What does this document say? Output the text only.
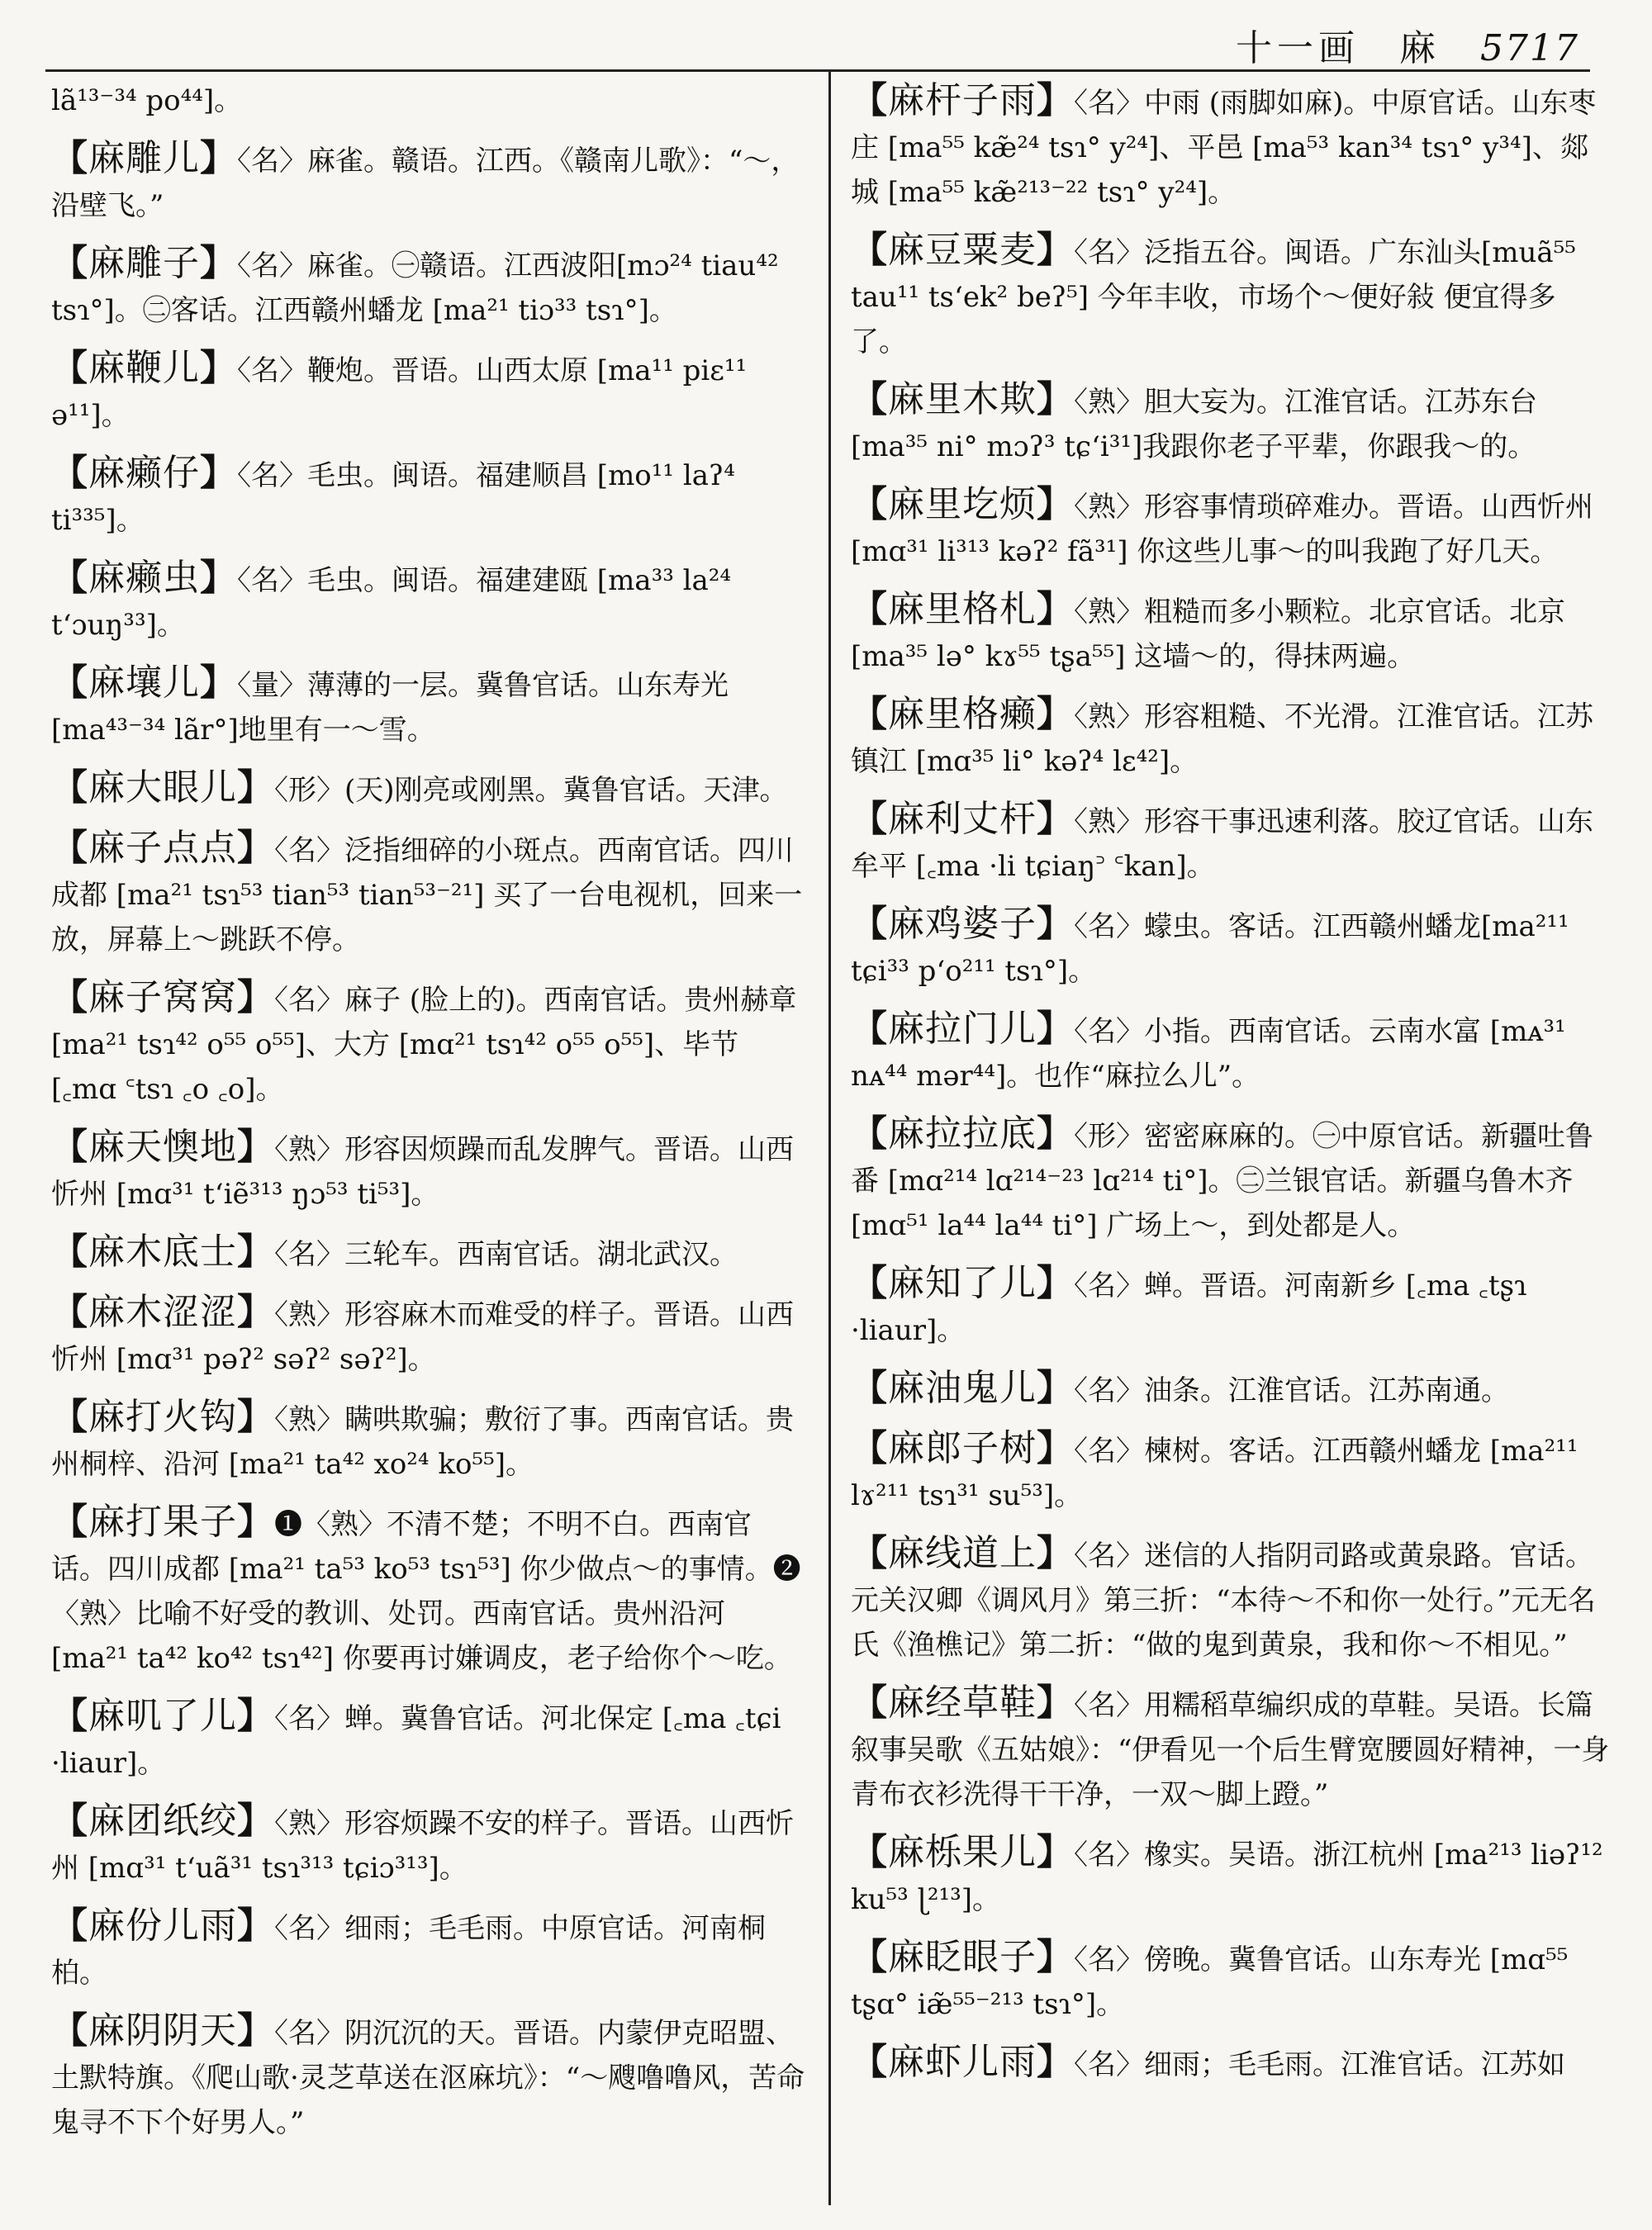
十一画 麻 5717

lã¹³⁻³⁴ po⁴⁴]。

【麻雕儿】〈名〉麻雀。赣语。江西。《赣南儿歌》：“～，沿壁飞。”

【麻雕子】〈名〉麻雀。㊀赣语。江西波阳[mɔ²⁴ tiau⁴² tsɿ°]。㊁客话。江西赣州蟠龙 [ma²¹ tiɔ³³ tsɿ°]。

【麻鞭儿】〈名〉鞭炮。晋语。山西太原 [ma¹¹ piɛ¹¹ ə¹¹]。

【麻癞仔】〈名〉毛虫。闽语。福建顺昌 [mo¹¹ laʔ⁴ ti³³⁵]。

【麻癞虫】〈名〉毛虫。闽语。福建建瓯 [ma³³ la²⁴ t‘ɔuŋ³³]。

【麻壤儿】〈量〉薄薄的一层。冀鲁官话。山东寿光 [ma⁴³⁻³⁴ lãr°]地里有一～雪。

【麻大眼儿】〈形〉(天)刚亮或刚黑。冀鲁官话。天津。

【麻子点点】〈名〉泛指细碎的小斑点。西南官话。四川成都 [ma²¹ tsɿ⁵³ tian⁵³ tian⁵³⁻²¹] 买了一台电视机，回来一放，屏幕上～跳跃不停。

【麻子窝窝】〈名〉麻子 (脸上的)。西南官话。贵州赫章 [ma²¹ tsɿ⁴² o⁵⁵ o⁵⁵]、大方 [mɑ²¹ tsɿ⁴² o⁵⁵ o⁵⁵]、毕节 [꜀mɑ ꜂tsɿ ꜀o ꜀o]。

【麻天懊地】〈熟〉形容因烦躁而乱发脾气。晋语。山西忻州 [mɑ³¹ t‘iẽ³¹³ ŋɔ⁵³ ti⁵³]。

【麻木底士】〈名〉三轮车。西南官话。湖北武汉。

【麻木涩涩】〈熟〉形容麻木而难受的样子。晋语。山西忻州 [mɑ³¹ pəʔ² səʔ² səʔ²]。

【麻打火钩】〈熟〉瞒哄欺骗；敷衍了事。西南官话。贵州桐梓、沿河 [ma²¹ ta⁴² xo²⁴ ko⁵⁵]。

【麻打果子】❶〈熟〉不清不楚；不明不白。西南官话。四川成都 [ma²¹ ta⁵³ ko⁵³ tsɿ⁵³] 你少做点～的事情。❷〈熟〉比喻不好受的教训、处罚。西南官话。贵州沿河 [ma²¹ ta⁴² ko⁴² tsɿ⁴²] 你要再讨嫌调皮，老子给你个～吃。

【麻叽了儿】〈名〉蝉。冀鲁官话。河北保定 [꜀ma ꜀tɕi ·liaur]。

【麻团纸绞】〈熟〉形容烦躁不安的样子。晋语。山西忻州 [mɑ³¹ t‘uã³¹ tsɿ³¹³ tɕiɔ³¹³]。

【麻份儿雨】〈名〉细雨；毛毛雨。中原官话。河南桐柏。

【麻阴阴天】〈名〉阴沉沉的天。晋语。内蒙伊克昭盟、土默特旗。《爬山歌·灵芝草送在沤麻坑》：“～飕噜噜风，苦命鬼寻不下个好男人。”

【麻杆子雨】〈名〉中雨 (雨脚如麻)。中原官话。山东枣庄 [ma⁵⁵ kæ̃²⁴ tsɿ° y²⁴]、平邑 [ma⁵³ kan³⁴ tsɿ° y³⁴]、郯城 [ma⁵⁵ kæ̃²¹³⁻²² tsɿ° y²⁴]。

【麻豆粟麦】〈名〉泛指五谷。闽语。广东汕头[muã⁵⁵ tau¹¹ ts‘ek² beʔ⁵] 今年丰收，市场个～便好敍 便宜得多了。

【麻里木欺】〈熟〉胆大妄为。江淮官话。江苏东台 [ma³⁵ ni° mɔʔ³ tɕ‘i³¹]我跟你老子平辈，你跟我～的。

【麻里圪烦】〈熟〉形容事情琐碎难办。晋语。山西忻州 [mɑ³¹ li³¹³ kəʔ² fã³¹] 你这些儿事～的叫我跑了好几天。

【麻里格札】〈熟〉粗糙而多小颗粒。北京官话。北京 [ma³⁵ lə° kɤ⁵⁵ tʂa⁵⁵] 这墙～的，得抹两遍。

【麻里格癞】〈熟〉形容粗糙、不光滑。江淮官话。江苏镇江 [mɑ³⁵ li° kəʔ⁴ lɛ⁴²]。

【麻利丈杆】〈熟〉形容干事迅速利落。胶辽官话。山东牟平 [꜀ma ·li tɕiaŋ꜄ ꜂kan]。

【麻鸡婆子】〈名〉蠓虫。客话。江西赣州蟠龙[ma²¹¹ tɕi³³ p‘o²¹¹ tsɿ°]。

【麻拉门儿】〈名〉小指。西南官话。云南水富 [mᴀ³¹ nᴀ⁴⁴ mər⁴⁴]。也作“麻拉么儿”。

【麻拉拉底】〈形〉密密麻麻的。㊀中原官话。新疆吐鲁番 [mɑ²¹⁴ lɑ²¹⁴⁻²³ lɑ²¹⁴ ti°]。㊁兰银官话。新疆乌鲁木齐 [mɑ⁵¹ la⁴⁴ la⁴⁴ ti°] 广场上～，到处都是人。

【麻知了儿】〈名〉蝉。晋语。河南新乡 [꜀ma ꜀tʂɿ ·liaur]。

【麻油鬼儿】〈名〉油条。江淮官话。江苏南通。

【麻郎子树】〈名〉楝树。客话。江西赣州蟠龙 [ma²¹¹ lɤ²¹¹ tsɿ³¹ su⁵³]。

【麻线道上】〈名〉迷信的人指阴司路或黄泉路。官话。元关汉卿《调风月》第三折：“本待～不和你一处行。”元无名氏《渔樵记》第二折：“做的鬼到黄泉，我和你～不相见。”

【麻经草鞋】〈名〉用糯稻草编织成的草鞋。吴语。长篇叙事吴歌《五姑娘》：“伊看见一个后生臂宽腰圆好精神，一身青布衣衫洗得干干净，一双～脚上蹬。”

【麻栎果儿】〈名〉橡实。吴语。浙江杭州 [ma²¹³ liəʔ¹² ku⁵³ ɭ²¹³]。

【麻眨眼子】〈名〉傍晚。冀鲁官话。山东寿光 [mɑ⁵⁵ tʂɑ° iæ̃⁵⁵⁻²¹³ tsɿ°]。

【麻虾儿雨】〈名〉细雨；毛毛雨。江淮官话。江苏如
